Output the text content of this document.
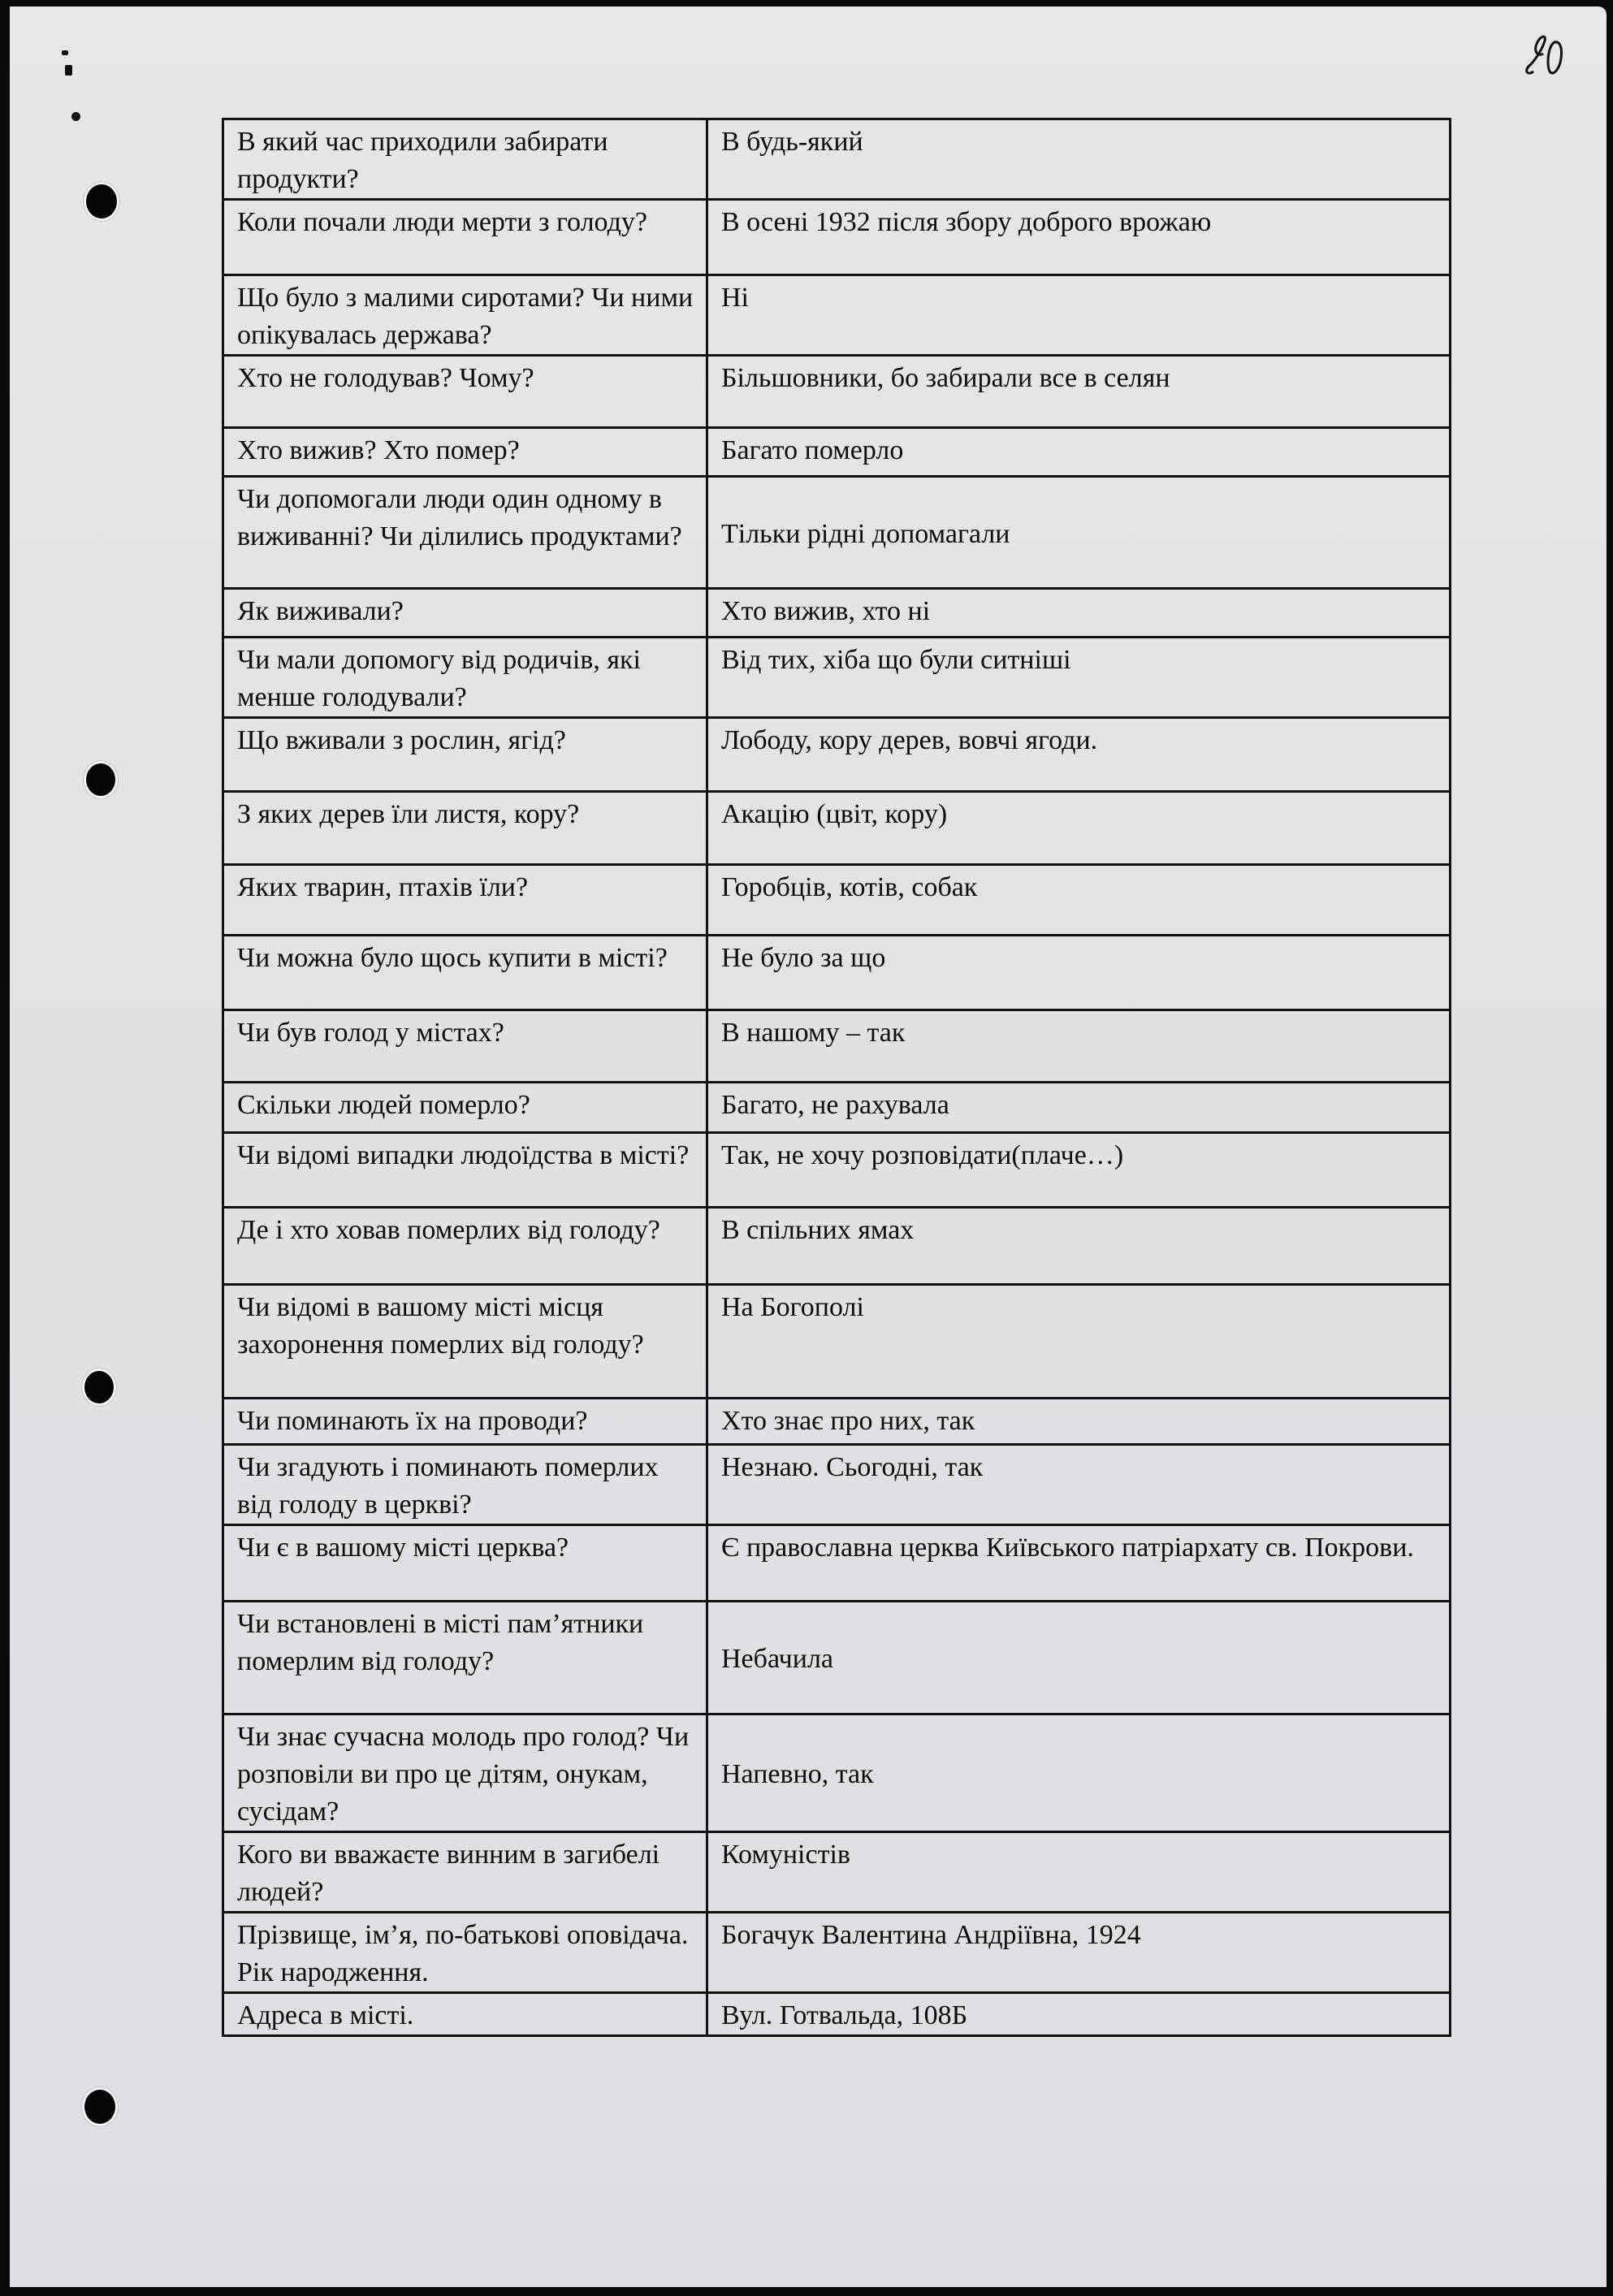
В який час приходили забирати продукти?	В будь-який
Коли почали люди мерти з голоду?	В осені 1932 після збору доброго врожаю
Що було з малими сиротами? Чи ними опікувалась держава?	Ні
Хто не голодував? Чому?	Більшовники, бо забирали все в селян
Хто вижив? Хто помер?	Багато померло
Чи допомогали люди один одному в виживанні? Чи ділились продуктами?	Тільки рідні допомагали
Як виживали?	Хто вижив, хто ні
Чи мали допомогу від родичів, які менше голодували?	Від тих, хіба що були ситніші
Що вживали з рослин, ягід?	Лободу, кору дерев, вовчі ягоди.
З яких дерев їли листя, кору?	Акацію (цвіт, кору)
Яких тварин, птахів їли?	Горобців, котів, собак
Чи можна було щось купити в місті?	Не було за що
Чи був голод у містах?	В нашому – так
Скільки людей померло?	Багато, не рахувала
Чи відомі випадки людоїдства в місті?	Так, не хочу розповідати(плаче…)
Де і хто ховав померлих від голоду?	В спільних ямах
Чи відомі в вашому місті місця захоронення померлих від голоду?	На Богополі
Чи поминають їх на проводи?	Хто знає про них, так
Чи згадують і поминають померлих від голоду в церкві?	Незнаю. Сьогодні, так
Чи є в вашому місті церква?	Є православна церква Київського патріархату св. Покрови.
Чи встановлені в місті пам’ятники померлим від голоду?	Небачила
Чи знає сучасна молодь про голод? Чи розповіли ви про це дітям, онукам, сусідам?	Напевно, так
Кого ви вважаєте винним в загибелі людей?	Комуністів
Прізвище, ім’я, по-батькові оповідача. Рік народження.	Богачук Валентина Андріївна, 1924
Адреса в місті.	Вул. Готвальда, 108Б
